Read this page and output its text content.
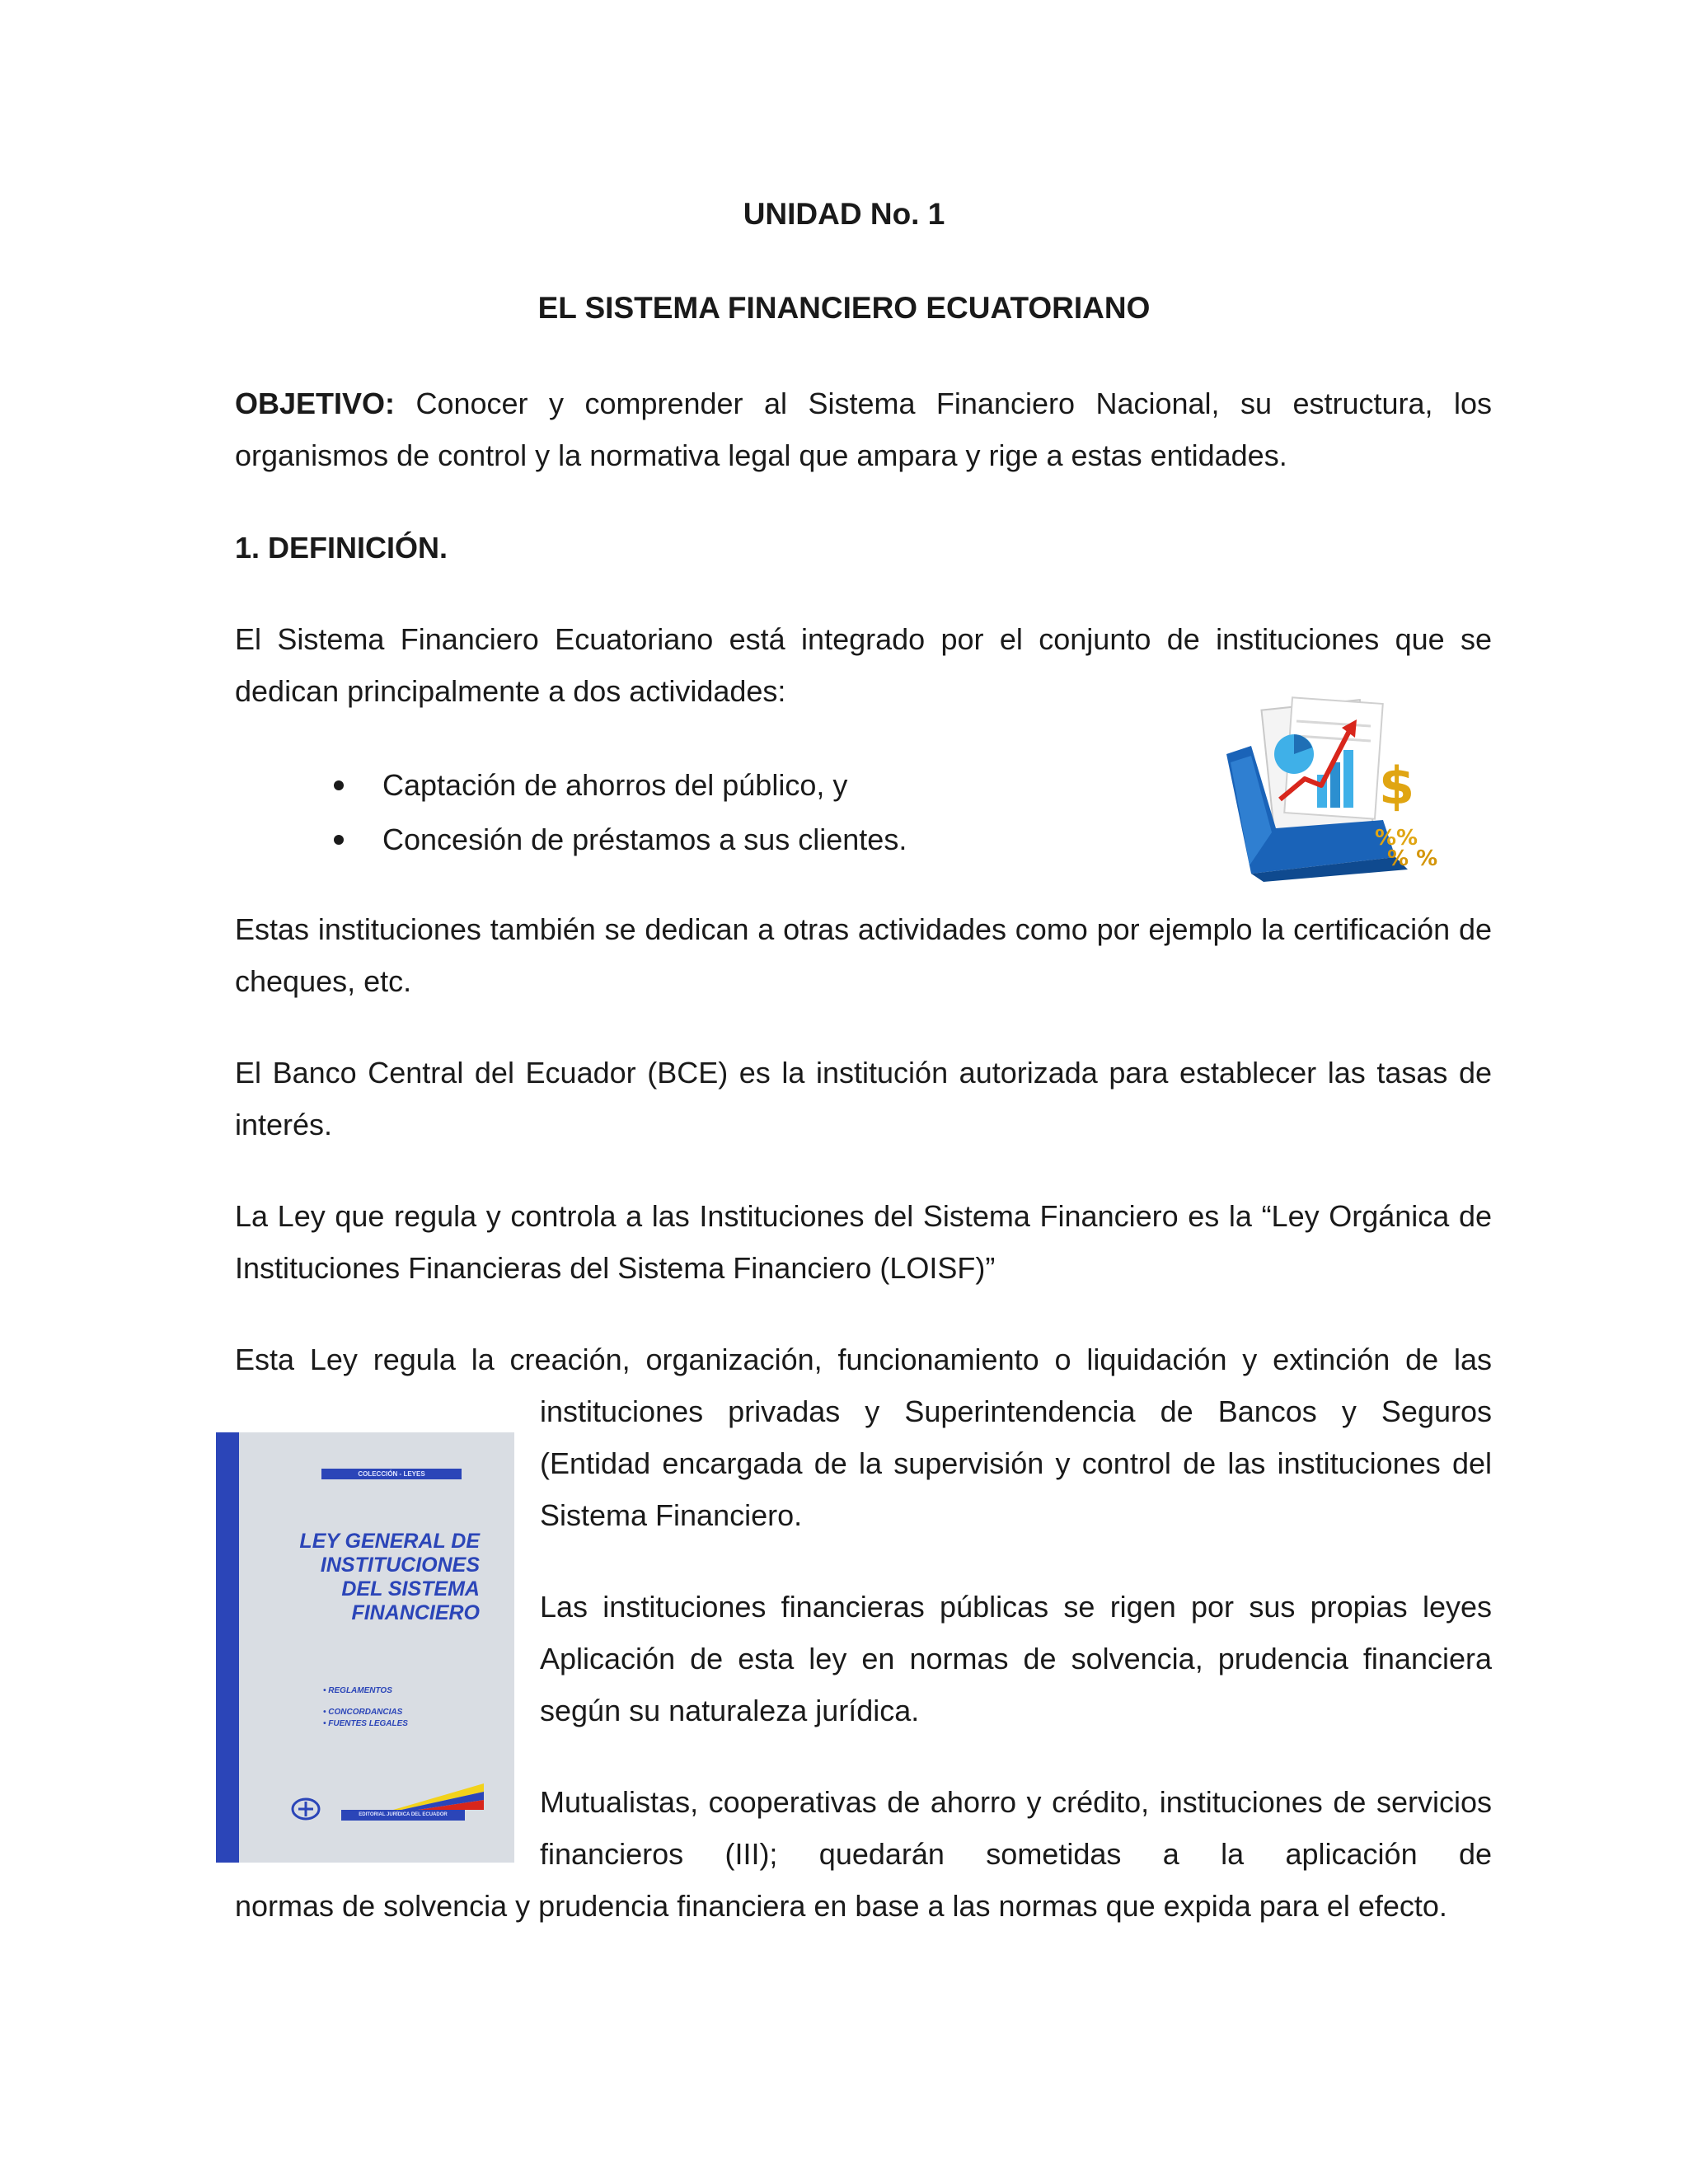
UNIDAD No. 1
EL SISTEMA FINANCIERO ECUATORIANO

OBJETIVO: Conocer y comprender al Sistema Financiero Nacional, su estructura, los organismos de control y la normativa legal que ampara y rige a estas entidades.

1. DEFINICIÓN.

El Sistema Financiero Ecuatoriano está integrado por el conjunto de instituciones que se dedican principalmente a dos actividades:

Captación de ahorros del público, y
Concesión de préstamos a sus clientes.
$
%%
% %

Estas instituciones también se dedican a otras actividades como por ejemplo la certificación de cheques, etc.

El Banco Central del Ecuador (BCE) es la institución autorizada para establecer las tasas de interés.

La Ley que regula y controla a las Instituciones del Sistema Financiero es la “Ley Orgánica de Instituciones Financieras del Sistema Financiero (LOISF)”

Esta Ley regula la creación, organización, funcionamiento o liquidación y extinción de las

instituciones privadas y Superintendencia de Bancos y Seguros (Entidad encargada de la supervisión y control de las instituciones del Sistema Financiero.

Las instituciones financieras públicas se rigen por sus propias leyes Aplicación de esta ley en normas de solvencia, prudencia financiera según su naturaleza jurídica.

Mutualistas, cooperativas de ahorro y crédito, instituciones de servicios financieros (III); quedarán sometidas a la aplicación de

normas de solvencia y prudencia financiera en base a las normas que expida para el efecto.

COLECCIÓN - LEYES
LEY GENERAL DE
INSTITUCIONES
DEL SISTEMA
FINANCIERO
• REGLAMENTOS
• CONCORDANCIAS
• FUENTES LEGALES
EDITORIAL JURÍDICA DEL ECUADOR
